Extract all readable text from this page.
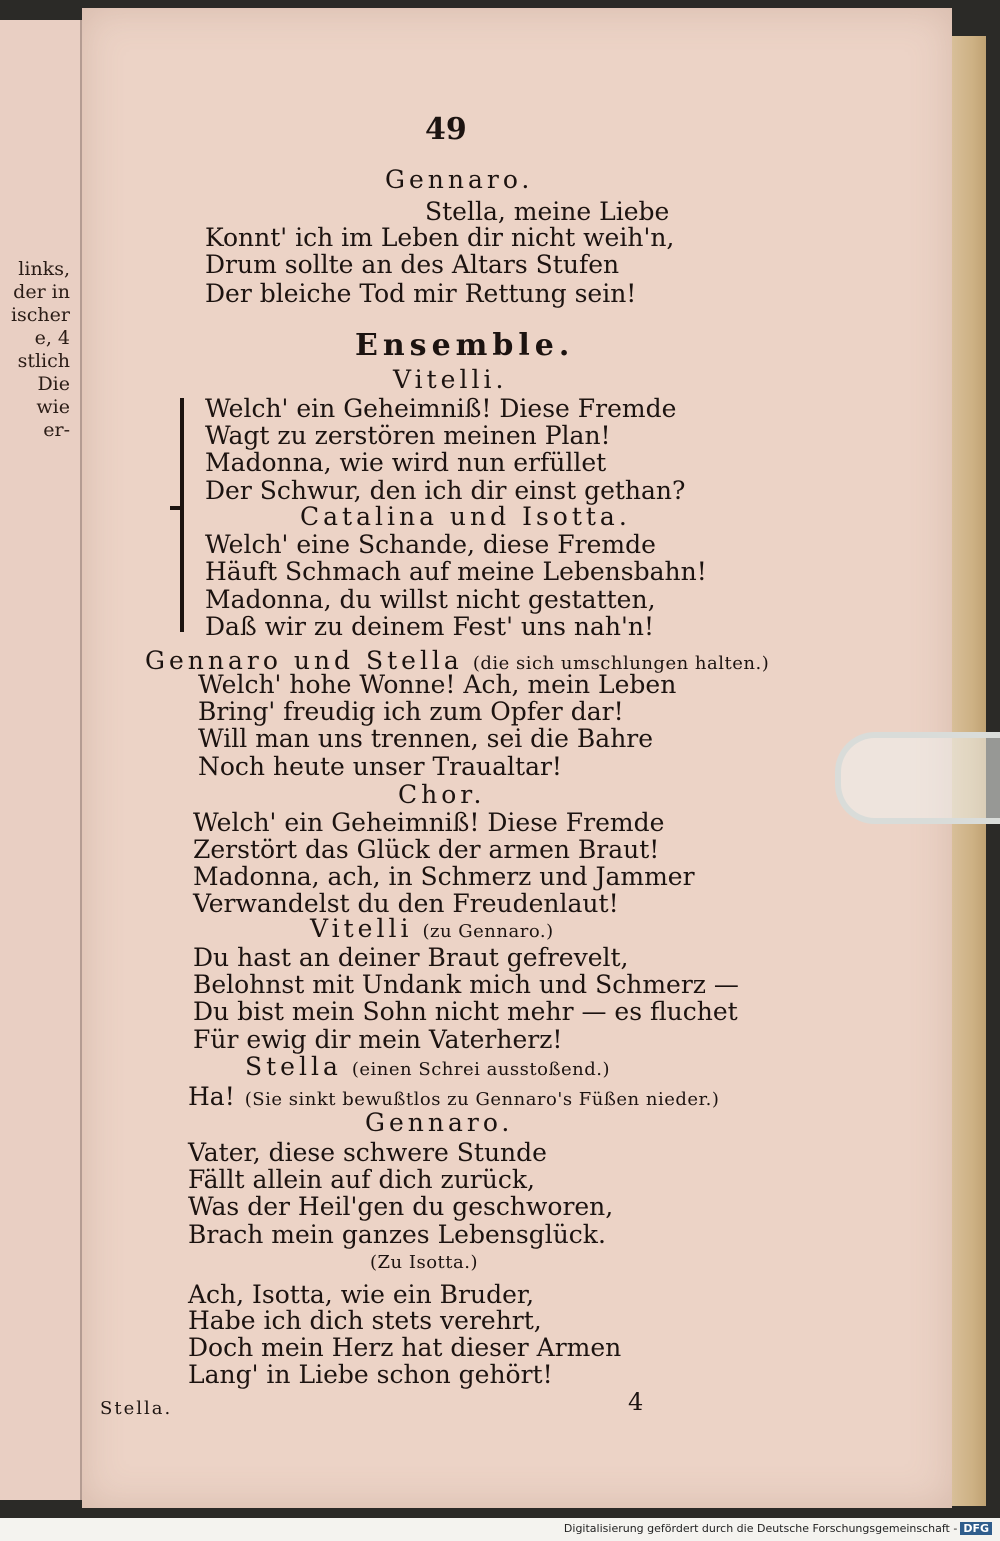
links,
der in
ischer
e, 4
stlich
Die
wie
er-
49
Gennaro.
Stella, meine Liebe
Konnt' ich im Leben dir nicht weih'n,
Drum sollte an des Altars Stufen
Der bleiche Tod mir Rettung sein!
Ensemble.
Vitelli.
Welch' ein Geheimniß! Diese Fremde
Wagt zu zerstören meinen Plan!
Madonna, wie wird nun erfüllet
Der Schwur, den ich dir einst gethan?
Catalina und Isotta.
Welch' eine Schande, diese Fremde
Häuft Schmach auf meine Lebensbahn!
Madonna, du willst nicht gestatten,
Daß wir zu deinem Fest' uns nah'n!
Gennaro und Stella (die sich umschlungen halten.)
Welch' hohe Wonne! Ach, mein Leben
Bring' freudig ich zum Opfer dar!
Will man uns trennen, sei die Bahre
Noch heute unser Traualtar!
Chor.
Welch' ein Geheimniß! Diese Fremde
Zerstört das Glück der armen Braut!
Madonna, ach, in Schmerz und Jammer
Verwandelst du den Freudenlaut!
Vitelli (zu Gennaro.)
Du hast an deiner Braut gefrevelt,
Belohnst mit Undank mich und Schmerz —
Du bist mein Sohn nicht mehr — es fluchet
Für ewig dir mein Vaterherz!
Stella (einen Schrei ausstoßend.)
Ha! (Sie sinkt bewußtlos zu Gennaro's Füßen nieder.)
Gennaro.
Vater, diese schwere Stunde
Fällt allein auf dich zurück,
Was der Heil'gen du geschworen,
Brach mein ganzes Lebensglück.
(Zu Isotta.)
Ach, Isotta, wie ein Bruder,
Habe ich dich stets verehrt,
Doch mein Herz hat dieser Armen
Lang' in Liebe schon gehört!
Stella.	4
Digitalisierung gefördert durch die Deutsche Forschungsgemeinschaft - DFG
